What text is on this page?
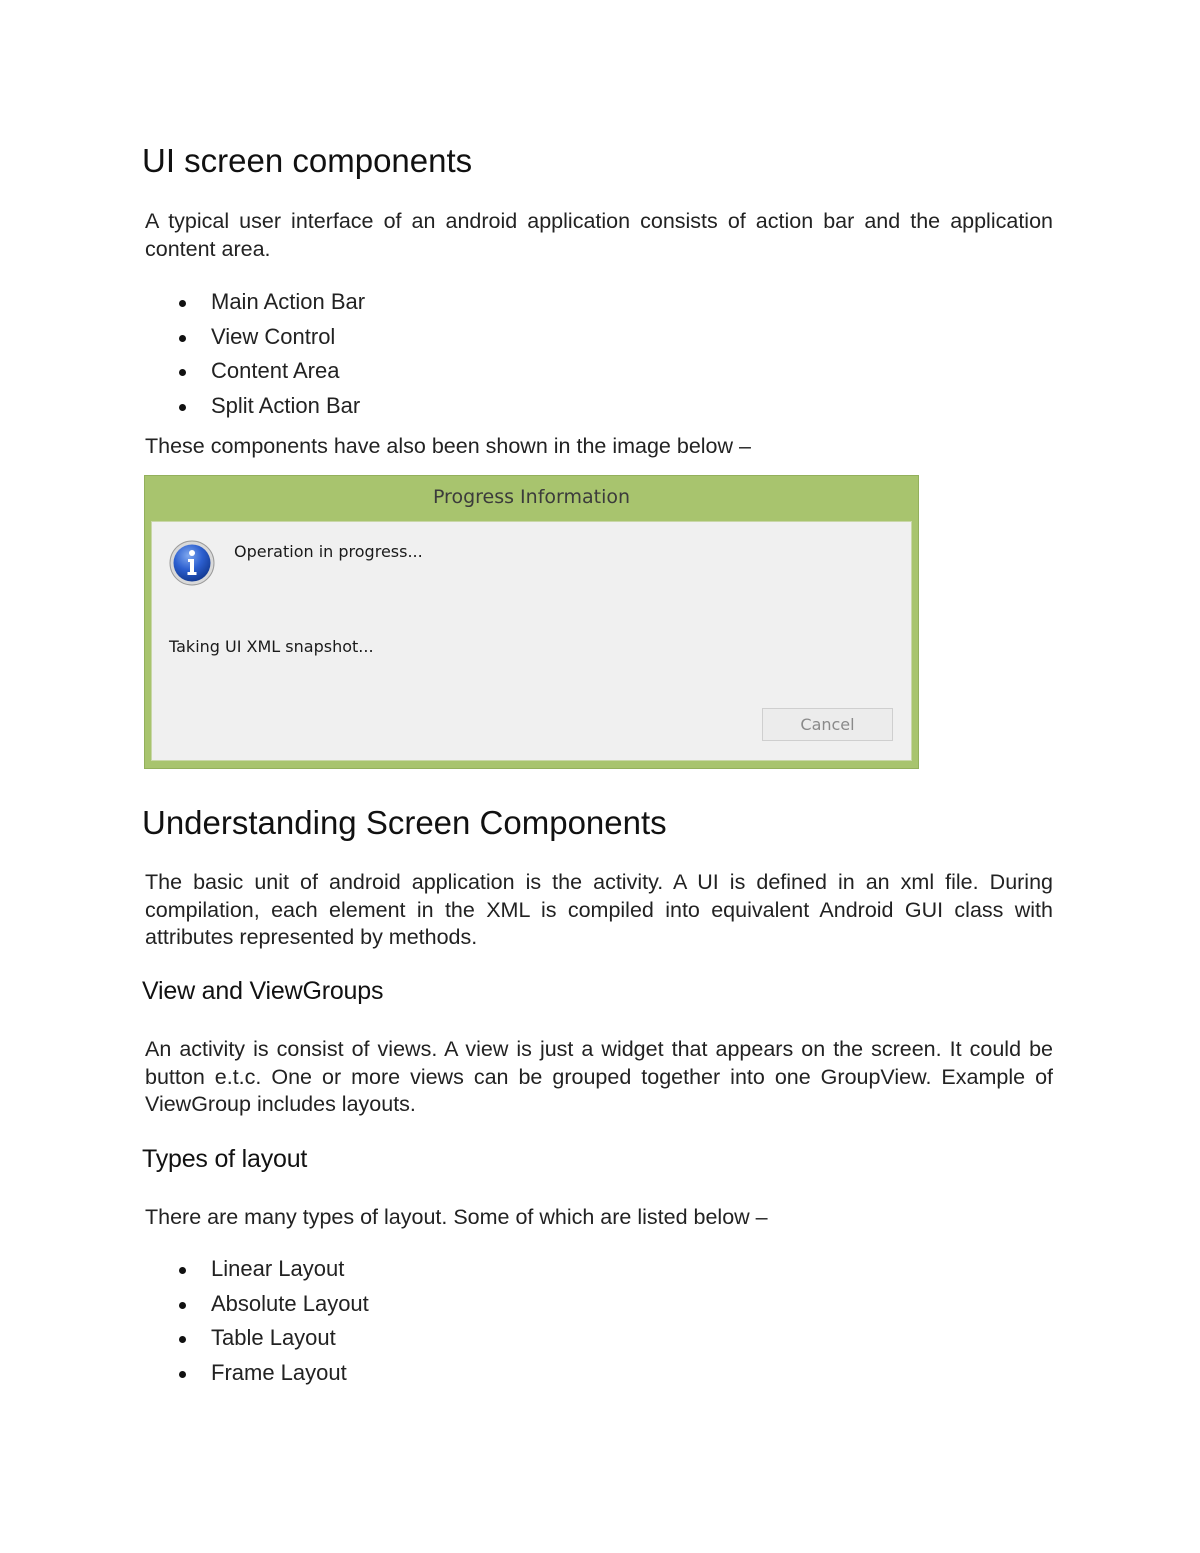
UI screen components

A typical user interface of an android application consists of action bar and the application content area.

Main Action Bar
View Control
Content Area
Split Action Bar

These components have also been shown in the image below –

Progress Information
Operation in progress...
Taking UI XML snapshot...
Cancel
Understanding Screen Components

The basic unit of android application is the activity. A UI is defined in an xml file. During compilation, each element in the XML is compiled into equivalent Android GUI class with attributes represented by methods.

View and ViewGroups

An activity is consist of views. A view is just a widget that appears on the screen. It could be button e.t.c. One or more views can be grouped together into one GroupView. Example of ViewGroup includes layouts.

Types of layout

There are many types of layout. Some of which are listed below –

Linear Layout
Absolute Layout
Table Layout
Frame Layout
